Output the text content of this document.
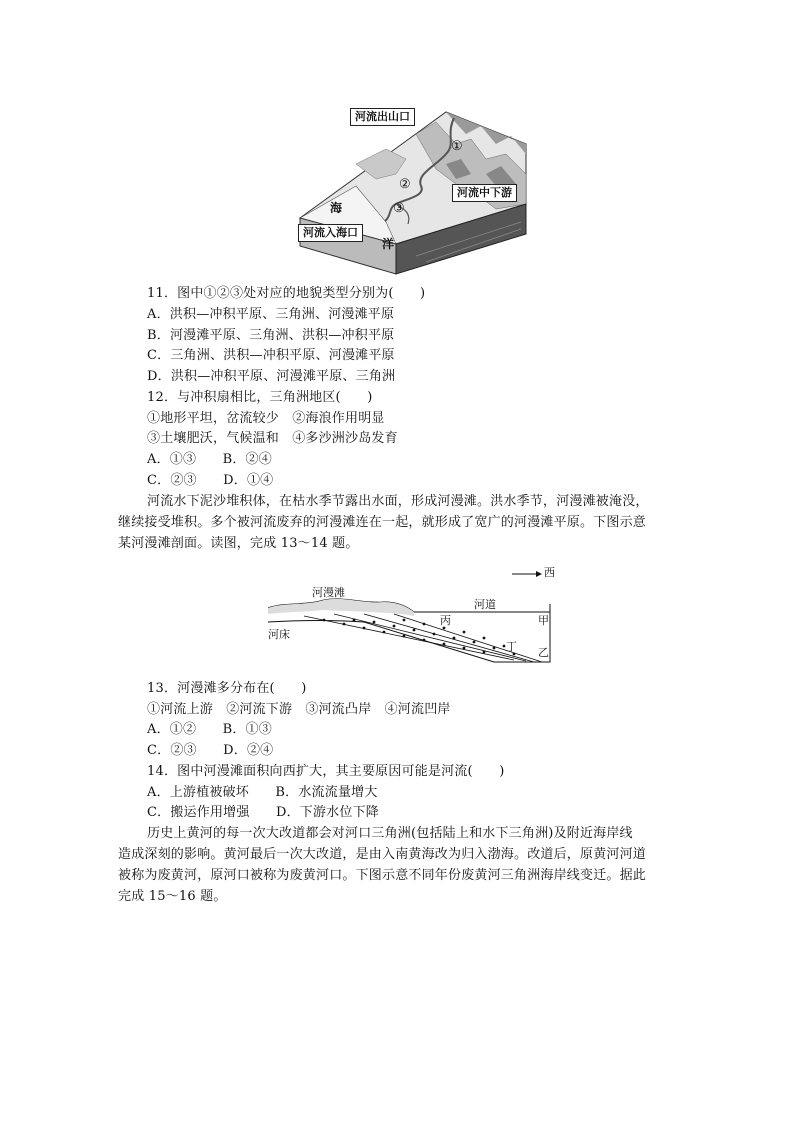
河流出山口
①
②
河流中下游
海	③
河流入海口
洋
11．图中①②③处对应的地貌类型分别为(　　)
A．洪积—冲积平原、三角洲、河漫滩平原
B．河漫滩平原、三角洲、洪积—冲积平原
C．三角洲、洪积—冲积平原、河漫滩平原
D．洪积—冲积平原、河漫滩平原、三角洲
12．与冲积扇相比，三角洲地区(　　)
①地形平坦，岔流较少　②海浪作用明显
③土壤肥沃，气候温和　④多沙洲沙岛发育
A．①③　　B．②④
C．②③　　D．①④
河流水下泥沙堆积体，在枯水季节露出水面，形成河漫滩。洪水季节，河漫滩被淹没，
继续接受堆积。多个被河流废弃的河漫滩连在一起，就形成了宽广的河漫滩平原。下图示意
某河漫滩剖面。读图，完成 13～14 题。
西
河漫滩
河道
河床
丙	甲
丁 乙
13．河漫滩多分布在(　　)
①河流上游　②河流下游　③河流凸岸　④河流凹岸
A．①②　　B．①③
C．②③　　D．②④
14．图中河漫滩面积向西扩大，其主要原因可能是河流(　　)
A．上游植被破坏　　B．水流流量增大
C．搬运作用增强　　D．下游水位下降
历史上黄河的每一次大改道都会对河口三角洲(包括陆上和水下三角洲)及附近海岸线
造成深刻的影响。黄河最后一次大改道，是由入南黄海改为归入渤海。改道后，原黄河河道
被称为废黄河，原河口被称为废黄河口。下图示意不同年份废黄河三角洲海岸线变迁。据此
完成 15～16 题。
